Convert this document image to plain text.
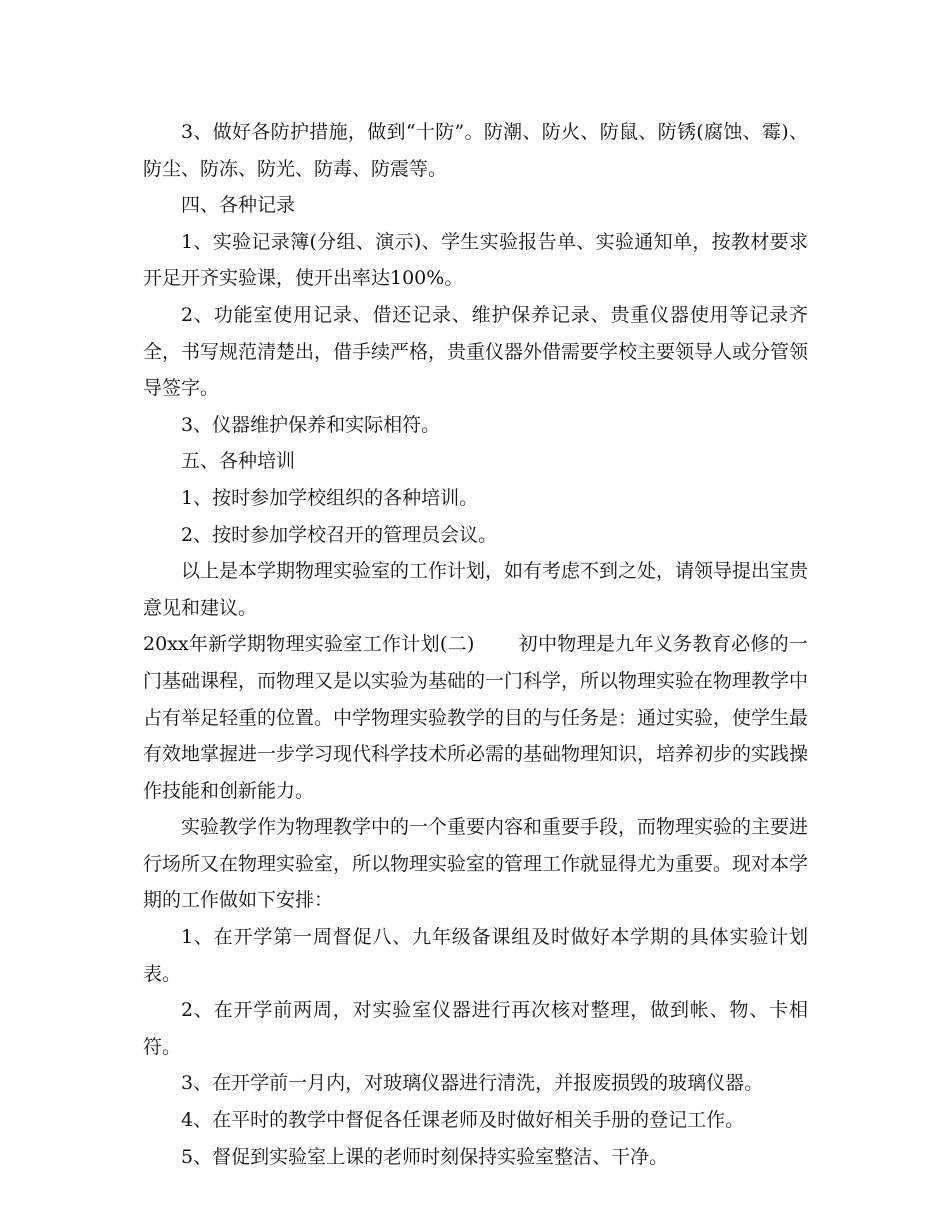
3、做好各防护措施，做到“十防”。防潮、防火、防鼠、防锈(腐蚀、霉)、防尘、防冻、防光、防毒、防震等。

四、各种记录

1、实验记录簿(分组、演示)、学生实验报告单、实验通知单，按教材要求开足开齐实验课，使开出率达100%。

2、功能室使用记录、借还记录、维护保养记录、贵重仪器使用等记录齐全，书写规范清楚出，借手续严格，贵重仪器外借需要学校主要领导人或分管领导签字。

3、仪器维护保养和实际相符。

五、各种培训

1、按时参加学校组织的各种培训。

2、按时参加学校召开的管理员会议。

以上是本学期物理实验室的工作计划，如有考虑不到之处，请领导提出宝贵意见和建议。

20xx年新学期物理实验室工作计划(二) 初中物理是九年义务教育必修的一门基础课程，而物理又是以实验为基础的一门科学，所以物理实验在物理教学中占有举足轻重的位置。中学物理实验教学的目的与任务是：通过实验，使学生最有效地掌握进一步学习现代科学技术所必需的基础物理知识，培养初步的实践操作技能和创新能力。

实验教学作为物理教学中的一个重要内容和重要手段，而物理实验的主要进行场所又在物理实验室，所以物理实验室的管理工作就显得尤为重要。现对本学期的工作做如下安排：

1、在开学第一周督促八、九年级备课组及时做好本学期的具体实验计划表。

2、在开学前两周，对实验室仪器进行再次核对整理，做到帐、物、卡相符。

3、在开学前一月内，对玻璃仪器进行清洗，并报废损毁的玻璃仪器。

4、在平时的教学中督促各任课老师及时做好相关手册的登记工作。

5、督促到实验室上课的老师时刻保持实验室整洁、干净。
